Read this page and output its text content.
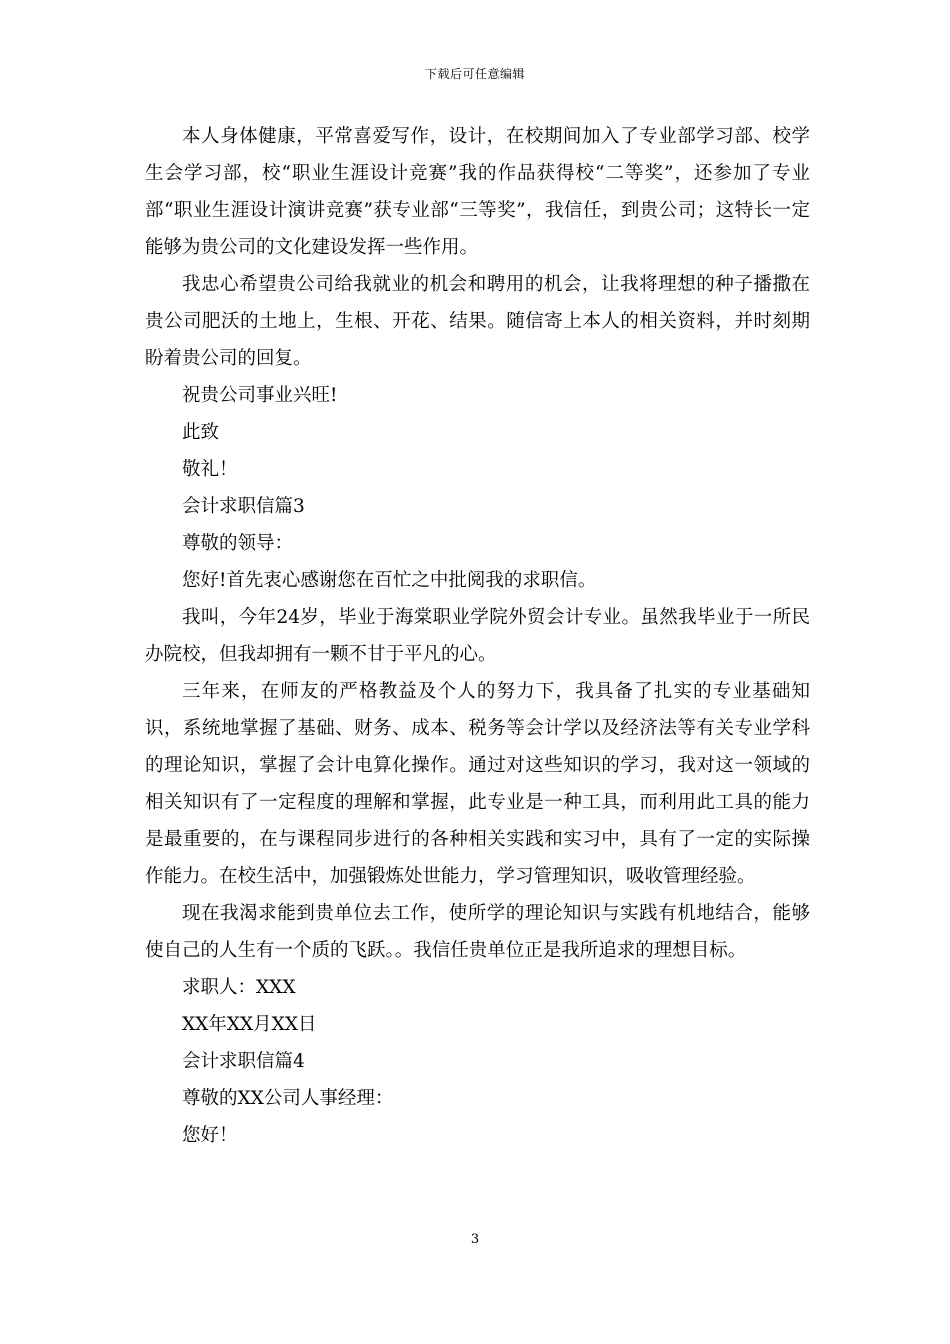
下载后可任意编辑

本人身体健康，平常喜爱写作，设计，在校期间加入了专业部学习部、校学生会学习部，校“职业生涯设计竞赛”我的作品获得校“二等奖”，还参加了专业部“职业生涯设计演讲竞赛”获专业部“三等奖”，我信任，到贵公司；这特长一定能够为贵公司的文化建设发挥一些作用。

我忠心希望贵公司给我就业的机会和聘用的机会，让我将理想的种子播撒在贵公司肥沃的土地上，生根、开花、结果。随信寄上本人的相关资料，并时刻期盼着贵公司的回复。

祝贵公司事业兴旺!

此致

敬礼！

会计求职信篇3

尊敬的领导：

您好!首先衷心感谢您在百忙之中批阅我的求职信。

我叫，今年24岁，毕业于海棠职业学院外贸会计专业。虽然我毕业于一所民办院校，但我却拥有一颗不甘于平凡的心。

三年来，在师友的严格教益及个人的努力下，我具备了扎实的专业基础知识，系统地掌握了基础、财务、成本、税务等会计学以及经济法等有关专业学科的理论知识，掌握了会计电算化操作。通过对这些知识的学习，我对这一领域的相关知识有了一定程度的理解和掌握，此专业是一种工具，而利用此工具的能力是最重要的，在与课程同步进行的各种相关实践和实习中，具有了一定的实际操作能力。在校生活中，加强锻炼处世能力，学习管理知识，吸收管理经验。

现在我渴求能到贵单位去工作，使所学的理论知识与实践有机地结合，能够使自己的人生有一个质的飞跃。。我信任贵单位正是我所追求的理想目标。

求职人：XXX

XX年XX月XX日

会计求职信篇4

尊敬的XX公司人事经理：

您好！

3
